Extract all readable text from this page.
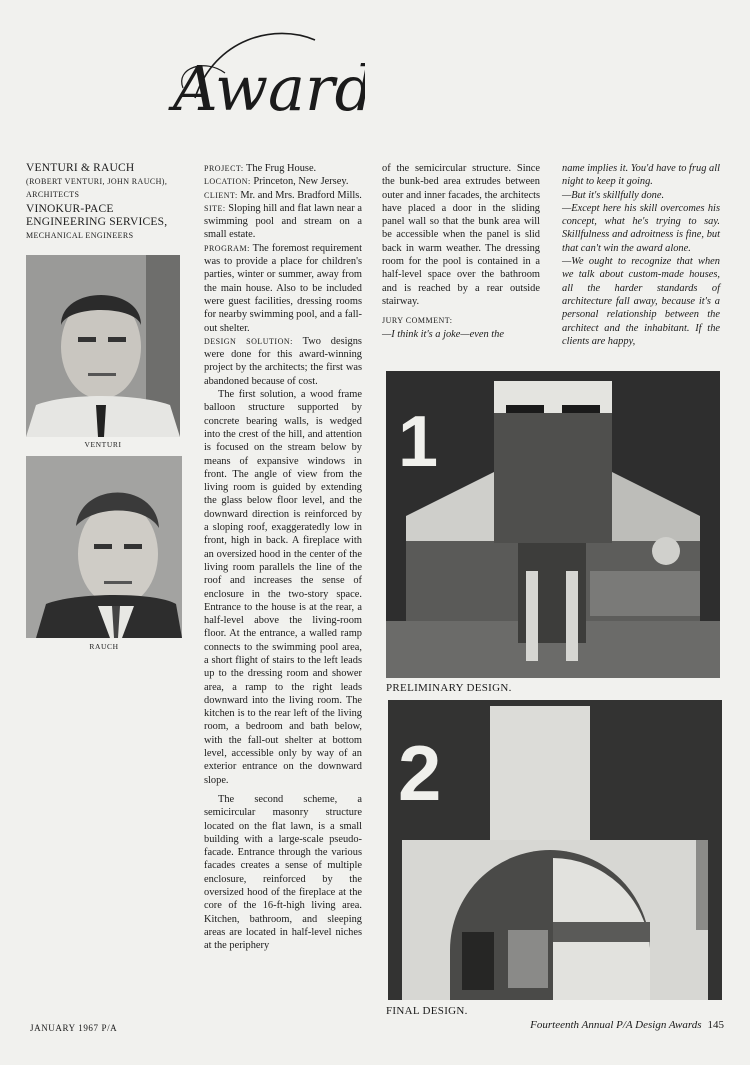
Award
VENTURI & RAUCH
(ROBERT VENTURI, JOHN RAUCH),
ARCHITECTS
VINOKUR-PACE
ENGINEERING SERVICES,
MECHANICAL ENGINEERS
VENTURI
RAUCH

PROJECT: The Frug House.

LOCATION: Princeton, New Jersey.

CLIENT: Mr. and Mrs. Bradford Mills.

SITE: Sloping hill and flat lawn near a swimming pool and stream on a small estate.

PROGRAM: The foremost requirement was to provide a place for children's parties, winter or summer, away from the main house. Also to be included were guest facilities, dressing rooms for nearby swimming pool, and a fall-out shelter.

DESIGN SOLUTION: Two designs were done for this award-winning project by the architects; the first was abandoned because of cost.

The first solution, a wood frame balloon structure supported by concrete bearing walls, is wedged into the crest of the hill, and attention is focused on the stream below by means of expansive windows in front. The angle of view from the living room is guided by extending the glass below floor level, and the downward direction is reinforced by a sloping roof, exaggeratedly low in front, high in back. A fireplace with an oversized hood in the center of the living room parallels the line of the roof and increases the sense of enclosure in the two-story space. Entrance to the house is at the rear, a half-level above the living-room floor. At the entrance, a walled ramp connects to the swimming pool area, a short flight of stairs to the left leads up to the dressing room and shower area, a ramp to the right leads downward into the living room. The kitchen is to the rear left of the living room, a bedroom and bath below, with the fall-out shelter at bottom level, accessible only by way of an exterior entrance on the downward slope.

The second scheme, a semicircular masonry structure located on the flat lawn, is a small building with a large-scale pseudo-facade. Entrance through the various facades creates a sense of multiple enclosure, reinforced by the oversized hood of the fireplace at the core of the 16-ft-high living area. Kitchen, bathroom, and sleeping areas are located in half-level niches at the periphery

of the semicircular structure. Since the bunk-bed area extrudes between outer and inner facades, the architects have placed a door in the sliding panel wall so that the bunk area will be accessible when the panel is slid back in warm weather. The dressing room for the pool is contained in a half-level space over the bathroom and is reached by a rear outside stairway.

JURY COMMENT:

—I think it's a joke—even the

name implies it. You'd have to frug all night to keep it going.

—But it's skillfully done.

—Except here his skill overcomes his concept, what he's trying to say. Skillfulness and adroitness is fine, but that can't win the award alone.

—We ought to recognize that when we talk about custom-made houses, all the harder standards of architecture fall away, because it's a personal relationship between the architect and the inhabitant. If the clients are happy,

1
PRELIMINARY DESIGN.
2
FINAL DESIGN.
JANUARY 1967 P/A	Fourteenth Annual P/A Design Awards 145
